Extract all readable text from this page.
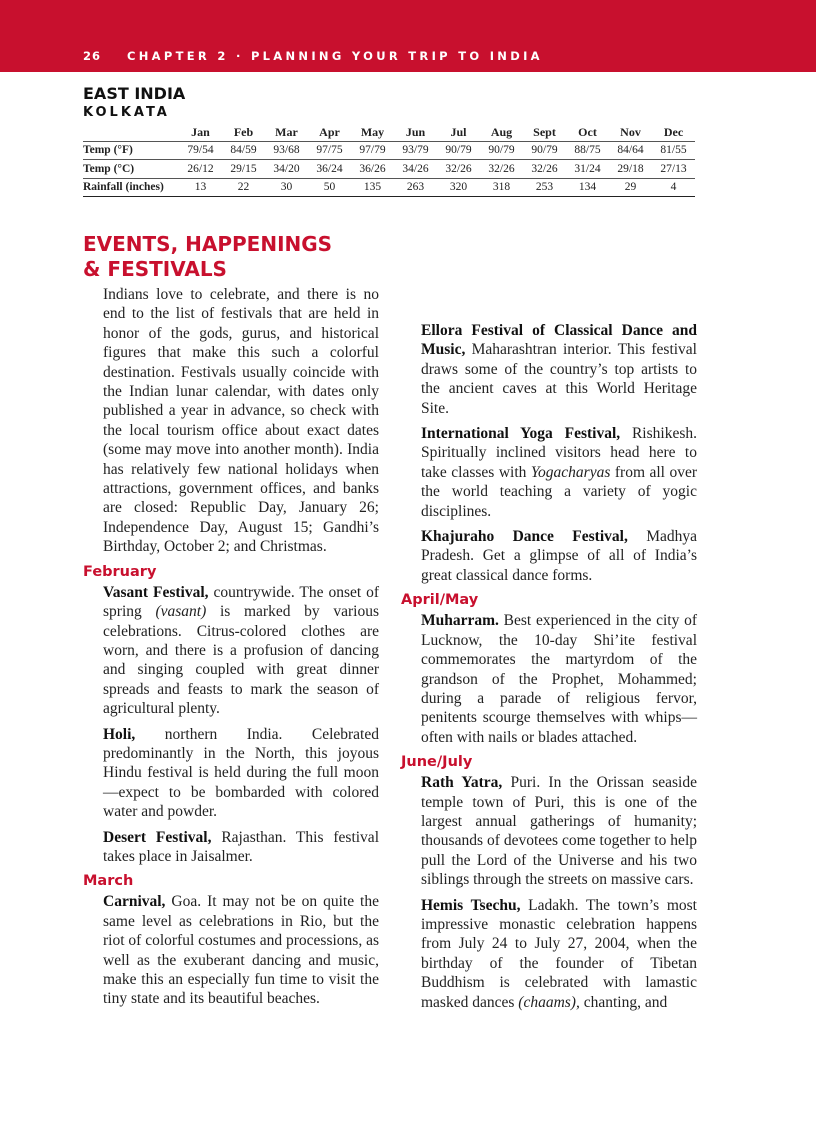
26 CHAPTER 2 · PLANNING YOUR TRIP TO INDIA
EAST INDIA
KOLKATA
	Jan	Feb	Mar	Apr	May	Jun	Jul	Aug	Sept	Oct	Nov	Dec
Temp (°F)	79/54	84/59	93/68	97/75	97/79	93/79	90/79	90/79	90/79	88/75	84/64	81/55
Temp (°C)	26/12	29/15	34/20	36/24	36/26	34/26	32/26	32/26	32/26	31/24	29/18	27/13
Rainfall (inches)	13	22	30	50	135	263	320	318	253	134	29	4
EVENTS, HAPPENINGS
& FESTIVALS

Indians love to celebrate, and there is no end to the list of festivals that are held in honor of the gods, gurus, and historical figures that make this such a colorful destination. Festivals usually coincide with the Indian lunar calendar, with dates only published a year in advance, so check with the local tourism office about exact dates (some may move into another month). India has relatively few national holidays when attractions, government offices, and banks are closed: Republic Day, January 26; Independence Day, August 15; Gandhi’s Birthday, October 2; and Christmas.

February

Vasant Festival, countrywide. The onset of spring (vasant) is marked by various celebrations. Citrus-colored clothes are worn, and there is a profusion of dancing and singing coupled with great dinner spreads and feasts to mark the season of agricultural plenty.

Holi, northern India. Celebrated predominantly in the North, this joyous Hindu festival is held during the full moon—expect to be bombarded with colored water and powder.

Desert Festival, Rajasthan. This festival takes place in Jaisalmer.

March

Carnival, Goa. It may not be on quite the same level as celebrations in Rio, but the riot of colorful costumes and processions, as well as the exuberant dancing and music, make this an especially fun time to visit the tiny state and its beautiful beaches.

Ellora Festival of Classical Dance and Music, Maharashtran interior. This festival draws some of the country’s top artists to the ancient caves at this World Heritage Site.

International Yoga Festival, Rishikesh. Spiritually inclined visitors head here to take classes with Yogacharyas from all over the world teaching a variety of yogic disciplines.

Khajuraho Dance Festival, Madhya Pradesh. Get a glimpse of all of India’s great classical dance forms.

April/May

Muharram. Best experienced in the city of Lucknow, the 10-day Shi’ite festival commemorates the martyrdom of the grandson of the Prophet, Mohammed; during a parade of religious fervor, penitents scourge themselves with whips—often with nails or blades attached.

June/July

Rath Yatra, Puri. In the Orissan seaside temple town of Puri, this is one of the largest annual gatherings of humanity; thousands of devotees come together to help pull the Lord of the Universe and his two siblings through the streets on massive cars.

Hemis Tsechu, Ladakh. The town’s most impressive monastic celebration happens from July 24 to July 27, 2004, when the birthday of the founder of Tibetan Buddhism is celebrated with lamastic masked dances (chaams), chanting, and
